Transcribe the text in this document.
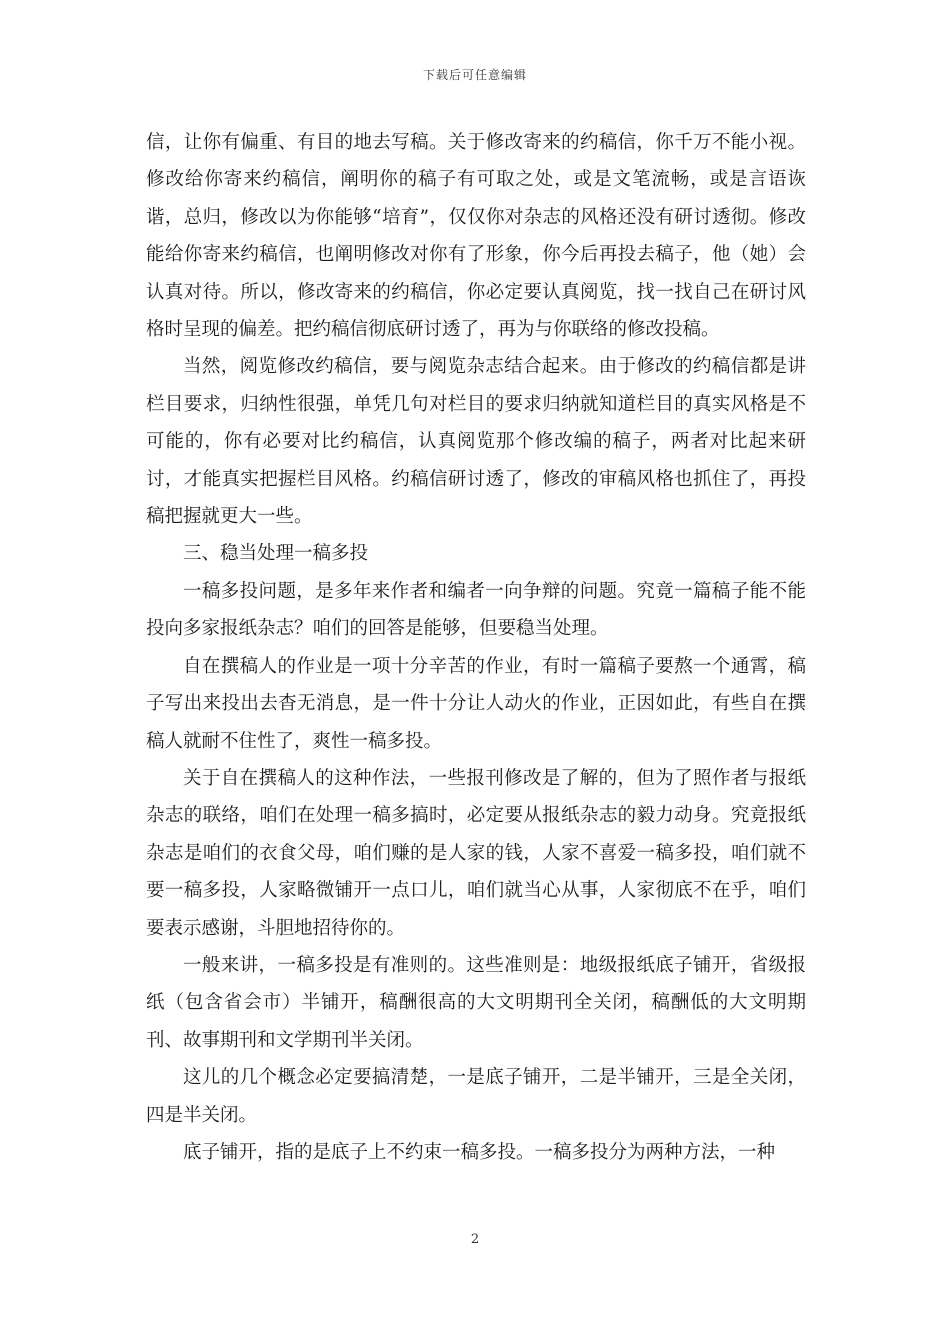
下载后可任意编辑

信，让你有偏重、有目的地去写稿。关于修改寄来的约稿信，你千万不能小视。修改给你寄来约稿信，阐明你的稿子有可取之处，或是文笔流畅，或是言语诙谐，总归，修改以为你能够“培育”，仅仅你对杂志的风格还没有研讨透彻。修改能给你寄来约稿信，也阐明修改对你有了形象，你今后再投去稿子，他（她）会认真对待。所以，修改寄来的约稿信，你必定要认真阅览，找一找自己在研讨风格时呈现的偏差。把约稿信彻底研讨透了，再为与你联络的修改投稿。

当然，阅览修改约稿信，要与阅览杂志结合起来。由于修改的约稿信都是讲栏目要求，归纳性很强，单凭几句对栏目的要求归纳就知道栏目的真实风格是不可能的，你有必要对比约稿信，认真阅览那个修改编的稿子，两者对比起来研讨，才能真实把握栏目风格。约稿信研讨透了，修改的审稿风格也抓住了，再投稿把握就更大一些。

三、稳当处理一稿多投

一稿多投问题，是多年来作者和编者一向争辩的问题。究竟一篇稿子能不能投向多家报纸杂志？咱们的回答是能够，但要稳当处理。

自在撰稿人的作业是一项十分辛苦的作业，有时一篇稿子要熬一个通霄，稿子写出来投出去杳无消息，是一件十分让人动火的作业，正因如此，有些自在撰稿人就耐不住性了，爽性一稿多投。

关于自在撰稿人的这种作法，一些报刊修改是了解的，但为了照作者与报纸杂志的联络，咱们在处理一稿多搞时，必定要从报纸杂志的毅力动身。究竟报纸杂志是咱们的衣食父母，咱们赚的是人家的钱，人家不喜爱一稿多投，咱们就不要一稿多投，人家略微铺开一点口儿，咱们就当心从事，人家彻底不在乎，咱们要表示感谢，斗胆地招待你的。

一般来讲，一稿多投是有准则的。这些准则是：地级报纸底子铺开，省级报纸（包含省会市）半铺开，稿酬很高的大文明期刊全关闭，稿酬低的大文明期刊、故事期刊和文学期刊半关闭。

这儿的几个概念必定要搞清楚，一是底子铺开，二是半铺开，三是全关闭，四是半关闭。

底子铺开，指的是底子上不约束一稿多投。一稿多投分为两种方法，一种

2
